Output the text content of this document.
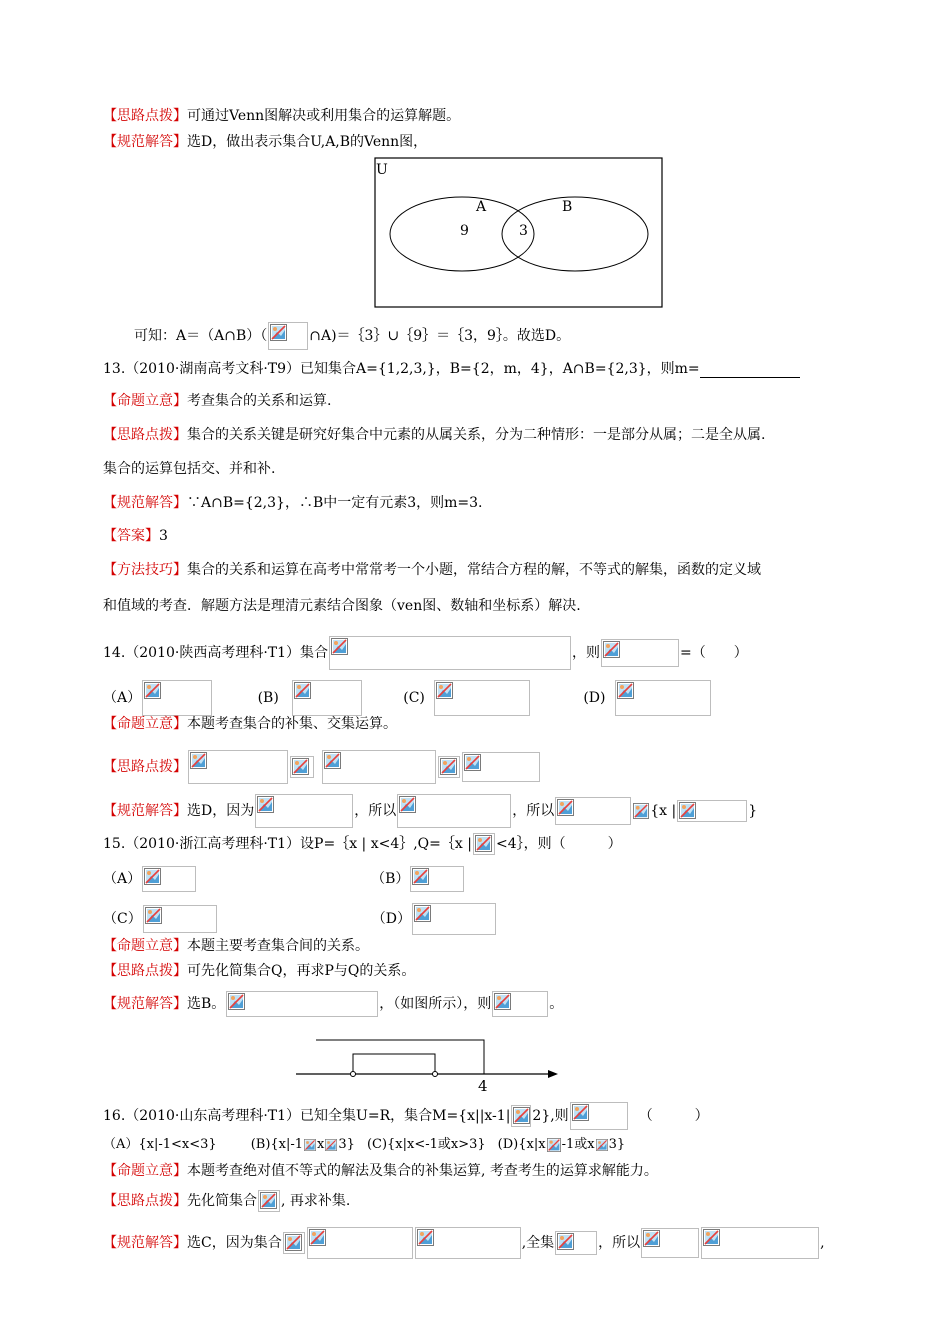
【思路点拨】可通过Venn图解决或利用集合的运算解题。
【规范解答】选D，做出表示集合U,A,B的Venn图，
U
A	B
9	3
可知：A＝（A∩B）（	∩A)＝｛3｝∪｛9｝＝｛3，9｝。故选D。
13.（2010·湖南高考文科·T9）已知集合A={1,2,3,}，B={2，m，4}，A∩B={2,3}，则m=
【命题立意】考查集合的关系和运算.
【思路点拨】集合的关系关键是研究好集合中元素的从属关系，分为二种情形：一是部分从属；二是全从属.
集合的运算包括交、并和补.
【规范解答】∵A∩B={2,3}，∴B中一定有元素3，则m=3.
【答案】3
【方法技巧】集合的关系和运算在高考中常常考一个小题，常结合方程的解，不等式的解集，函数的定义域
和值域的考查．解题方法是理清元素结合图象（ven图、数轴和坐标系）解决.
14.（2010·陕西高考理科·T1）集合	，则	=（　　）
（A）	(B)	(C)	(D)
【命题立意】本题考查集合的补集、交集运算。
【思路点拨】
【规范解答】选D，因为	，所以	，所以	{x |	}
15.（2010·浙江高考理科·T1）设P=｛x | x<4｝,Q=｛x | <4｝，则（　　　）
（A）	（B）
（C）	（D）
【命题立意】本题主要考查集合间的关系。
【思路点拨】可先化简集合Q，再求P与Q的关系。
【规范解答】选B。	，（如图所示），则	。
4
16.（2010·山东高考理科·T1）已知全集U=R，集合M={x||x-1| 2},则	（　　　）
（A）{x|-1<x<3}	(B){x|-1 x 3} (C){x|x<-1或x>3} (D){x|x -1或x 3}
【命题立意】本题考查绝对值不等式的解法及集合的补集运算, 考查考生的运算求解能力。
【思路点拨】先化简集合 , 再求补集.
【规范解答】选C，因为集合	,全集	，所以	,
